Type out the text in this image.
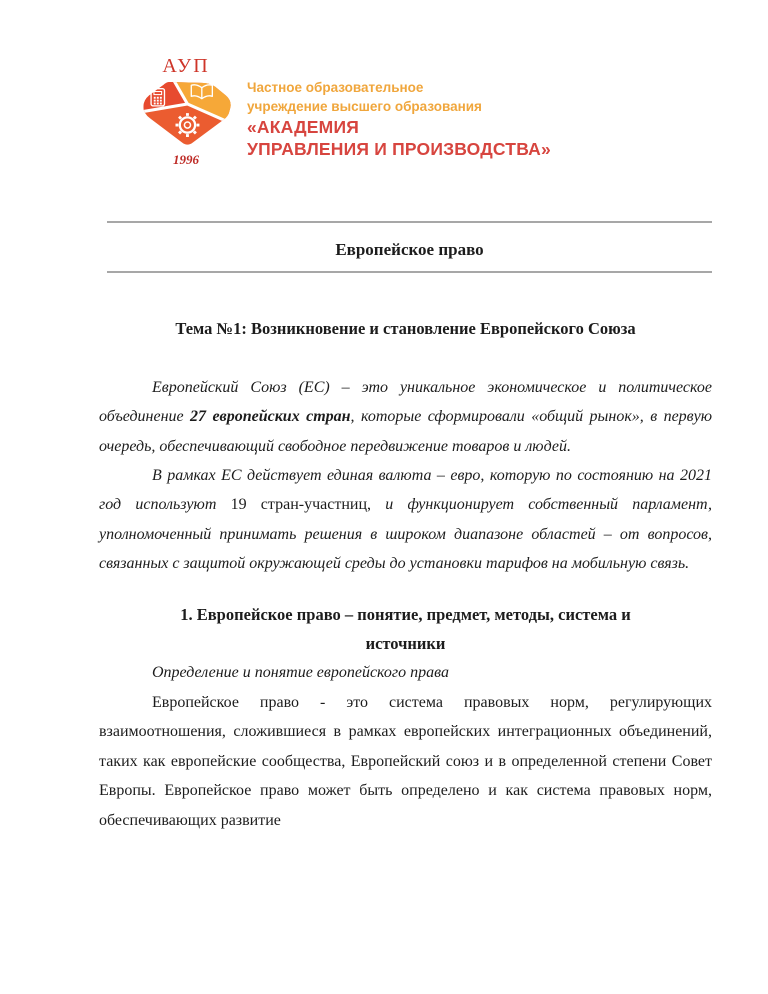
АУП
1996
Частное образовательное
учреждение высшего образования
«АКАДЕМИЯ
УПРАВЛЕНИЯ И ПРОИЗВОДСТВА»
Европейское право
Тема №1: Возникновение и становление Европейского Союза

Европейский Союз (ЕС) – это уникальное экономическое и политическое объединение 27 европейских стран, которые сформировали «общий рынок», в первую очередь, обеспечивающий свободное передвижение товаров и людей.

В рамках ЕС действует единая валюта – евро, которую по состоянию на 2021 год используют 19 стран-участниц, и функционирует собственный парламент, уполномоченный принимать решения в широком диапазоне областей – от вопросов, связанных с защитой окружающей среды до установки тарифов на мобильную связь.

1. Европейское право – понятие, предмет, методы, система и
источники

Определение и понятие европейского права

Европейское право - это система правовых норм, регулирующих взаимоотношения, сложившиеся в рамках европейских интеграционных объединений, таких как европейские сообщества, Европейский союз и в определенной степени Совет Европы. Европейское право может быть определено и как система правовых норм, обеспечивающих развитие
